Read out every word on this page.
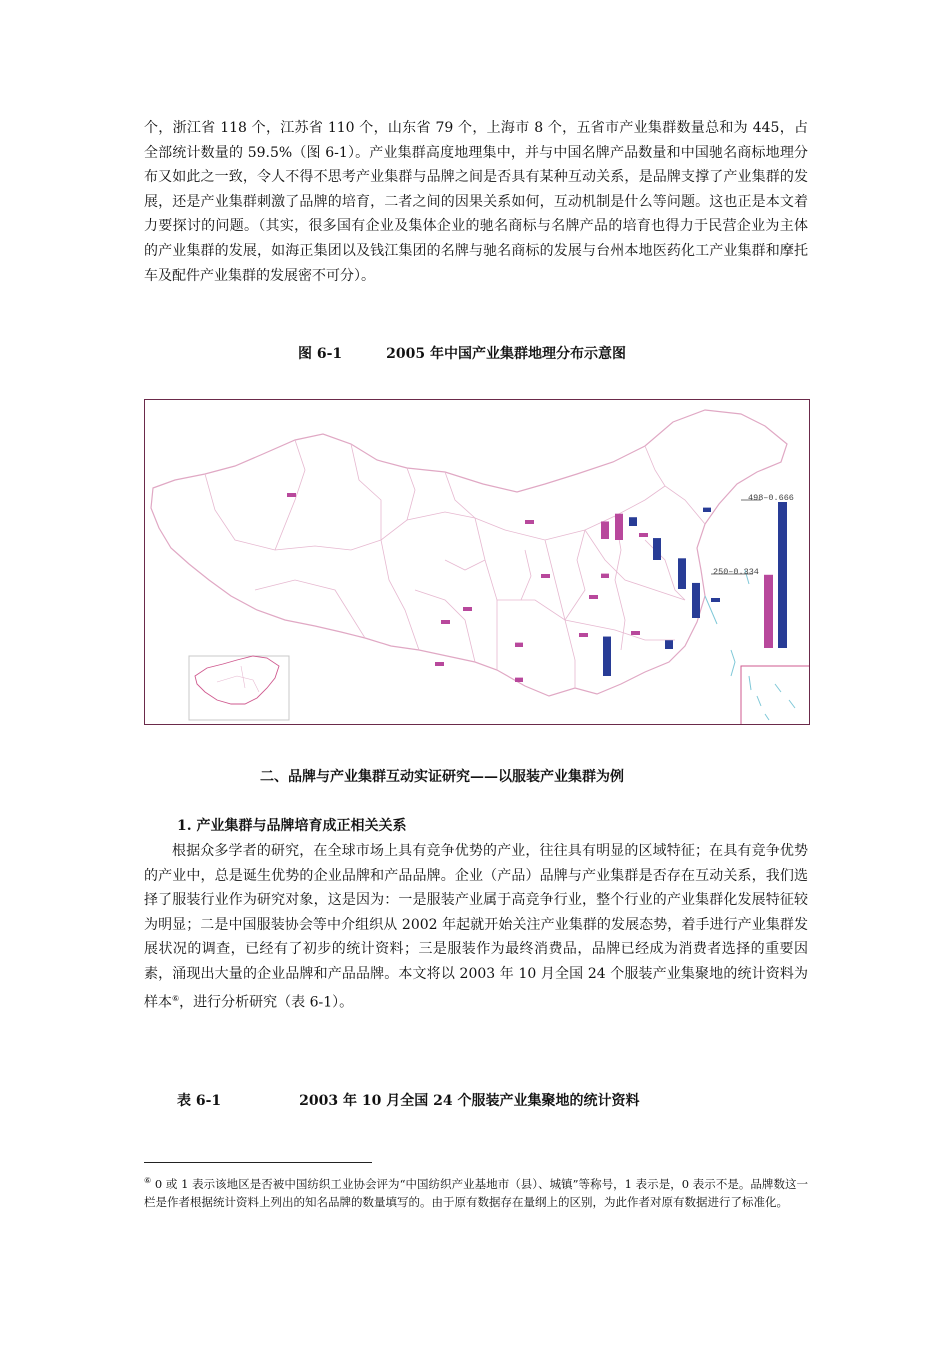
个，浙江省 118 个，江苏省 110 个，山东省 79 个，上海市 8 个，五省市产业集群数量总和为 445，占全部统计数量的 59.5%（图 6-1）。产业集群高度地理集中，并与中国名牌产品数量和中国驰名商标地理分布又如此之一致，令人不得不思考产业集群与品牌之间是否具有某种互动关系，是品牌支撑了产业集群的发展，还是产业集群刺激了品牌的培育，二者之间的因果关系如何，互动机制是什么等问题。这也正是本文着力要探讨的问题。（其实，很多国有企业及集体企业的驰名商标与名牌产品的培育也得力于民营企业为主体的产业集群的发展，如海正集团以及钱江集团的名牌与驰名商标的发展与台州本地医药化工产业集群和摩托车及配件产业集群的发展密不可分）。

图 6-1	2005 年中国产业集群地理分布示意图

498–0.666
250–0.334

二、品牌与产业集群互动实证研究——以服装产业集群为例

1. 产业集群与品牌培育成正相关关系

根据众多学者的研究，在全球市场上具有竞争优势的产业，往往具有明显的区域特征；在具有竞争优势的产业中，总是诞生优势的企业品牌和产品品牌。企业（产品）品牌与产业集群是否存在互动关系，我们选择了服装行业作为研究对象，这是因为：一是服装产业属于高竞争行业，整个行业的产业集群化发展特征较为明显；二是中国服装协会等中介组织从 2002 年起就开始关注产业集群的发展态势，着手进行产业集群发展状况的调查，已经有了初步的统计资料；三是服装作为最终消费品，品牌已经成为消费者选择的重要因素，涌现出大量的企业品牌和产品品牌。本文将以 2003 年 10 月全国 24 个服装产业集聚地的统计资料为样本⑥，进行分析研究（表 6-1）。

表 6-1	2003 年 10 月全国 24 个服装产业集聚地的统计资料

⑥ 0 或 1 表示该地区是否被中国纺织工业协会评为“中国纺织产业基地市（县）、城镇”等称号，1 表示是，0 表示不是。品牌数这一栏是作者根据统计资料上列出的知名品牌的数量填写的。由于原有数据存在量纲上的区别，为此作者对原有数据进行了标准化。
